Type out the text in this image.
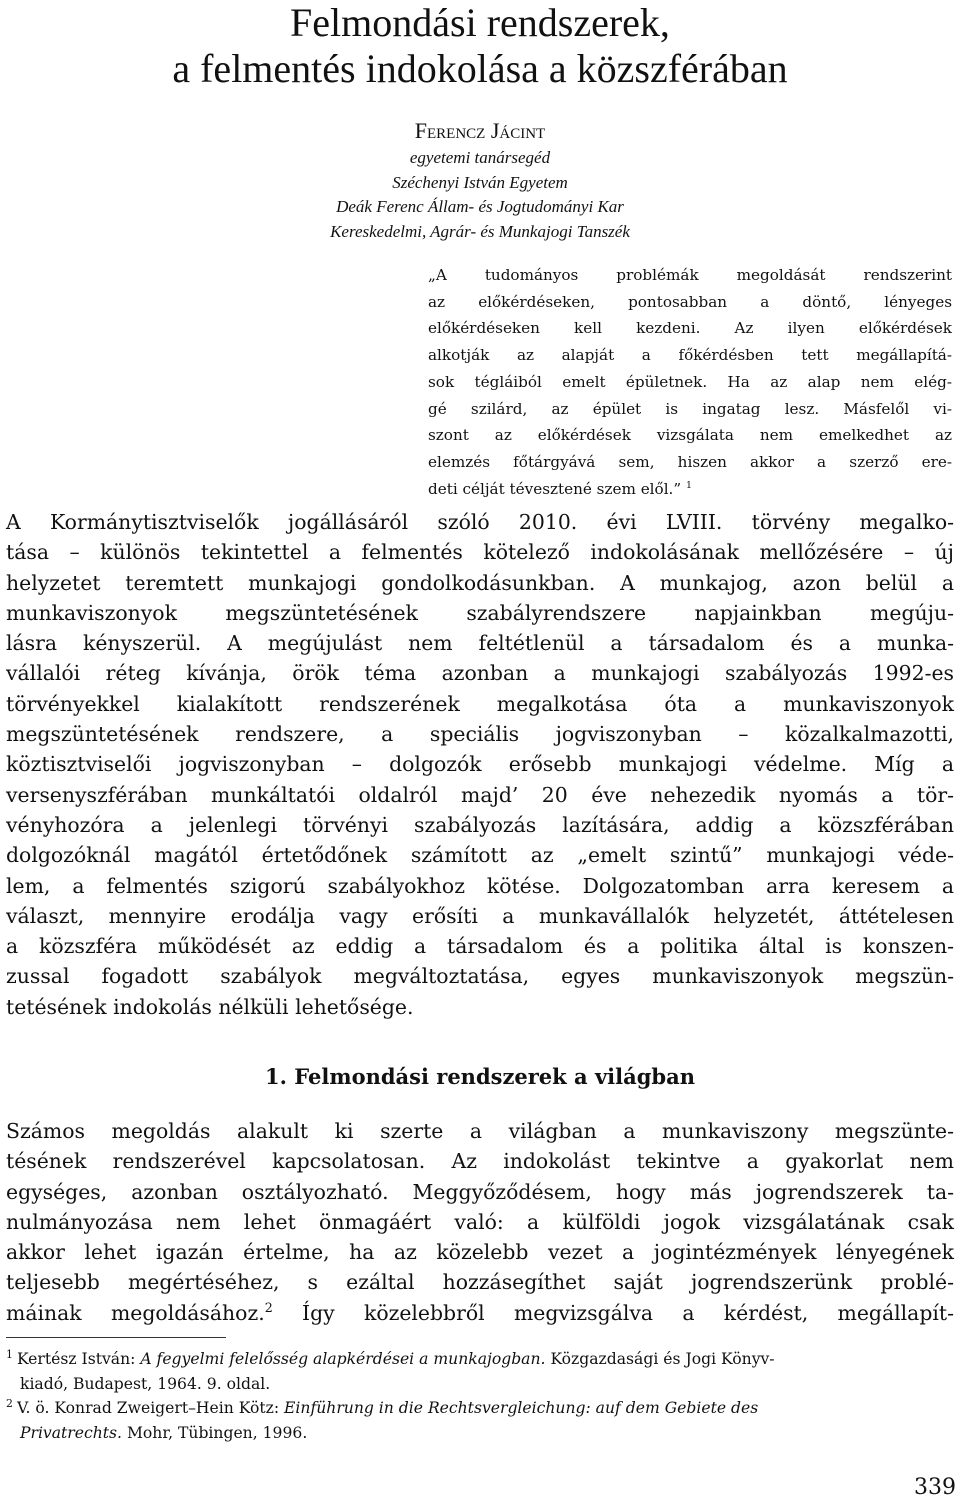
Felmondási rendszerek,
a felmentés indokolása a közszférában
Ferencz Jácint
egyetemi tanársegéd
Széchenyi István Egyetem
Deák Ferenc Állam- és Jogtudományi Kar
Kereskedelmi, Agrár- és Munkajogi Tanszék
„A tudományos problémák megoldását rendszerint
az előkérdéseken, pontosabban a döntő, lényeges
előkérdéseken kell kezdeni. Az ilyen előkérdések
alkotják az alapját a főkérdésben tett megállapítá-
sok tégláiból emelt épületnek. Ha az alap nem elég-
gé szilárd, az épület is ingatag lesz. Másfelől vi-
szont az előkérdések vizsgálata nem emelkedhet az
elemzés főtárgyává sem, hiszen akkor a szerző ere-
deti célját tévesztené szem elől.” $^1$
A Kormánytisztviselők jogállásáról szóló 2010. évi LVIII. törvény megalko-
tása – különös tekintettel a felmentés kötelező indokolásának mellőzésére – új
helyzetet teremtett munkajogi gondolkodásunkban. A munkajog, azon belül a
munkaviszonyok megszüntetésének szabályrendszere napjainkban megúju-
lásra kényszerül. A megújulást nem feltétlenül a társadalom és a munka-
vállalói réteg kívánja, örök téma azonban a munkajogi szabályozás 1992-es
törvényekkel kialakított rendszerének megalkotása óta a munkaviszonyok
megszüntetésének rendszere, a speciális jogviszonyban – közalkalmazotti,
köztisztviselői jogviszonyban – dolgozók erősebb munkajogi védelme. Míg a
versenyszférában munkáltatói oldalról majd’ 20 éve nehezedik nyomás a tör-
vényhozóra a jelenlegi törvényi szabályozás lazítására, addig a közszférában
dolgozóknál magától értetődőnek számított az „emelt szintű” munkajogi véde-
lem, a felmentés szigorú szabályokhoz kötése. Dolgozatomban arra keresem a
választ, mennyire erodálja vagy erősíti a munkavállalók helyzetét, áttételesen
a közszféra működését az eddig a társadalom és a politika által is konszen-
zussal fogadott szabályok megváltoztatása, egyes munkaviszonyok megszün-
tetésének indokolás nélküli lehetősége.
1. Felmondási rendszerek a világban
Számos megoldás alakult ki szerte a világban a munkaviszony megszünte-
tésének rendszerével kapcsolatosan. Az indokolást tekintve a gyakorlat nem
egységes, azonban osztályozható. Meggyőződésem, hogy más jogrendszerek ta-
nulmányozása nem lehet önmagáért való: a külföldi jogok vizsgálatának csak
akkor lehet igazán értelme, ha az közelebb vezet a jogintézmények lényegének
teljesebb megértéséhez, s ezáltal hozzásegíthet saját jogrendszerünk problé-
máinak megoldásához.$^2$ Így közelebbről megvizsgálva a kérdést, megállapít-
$^1$ Kertész István: A fegyelmi felelősség alapkérdései a munkajogban. Közgazdasági és Jogi Könyv-
kiadó, Budapest, 1964. 9. oldal.
$^2$ V. ö. Konrad Zweigert–Hein Kötz: Einführung in die Rechtsvergleichung: auf dem Gebiete des
Privatrechts. Mohr, Tübingen, 1996.
339
